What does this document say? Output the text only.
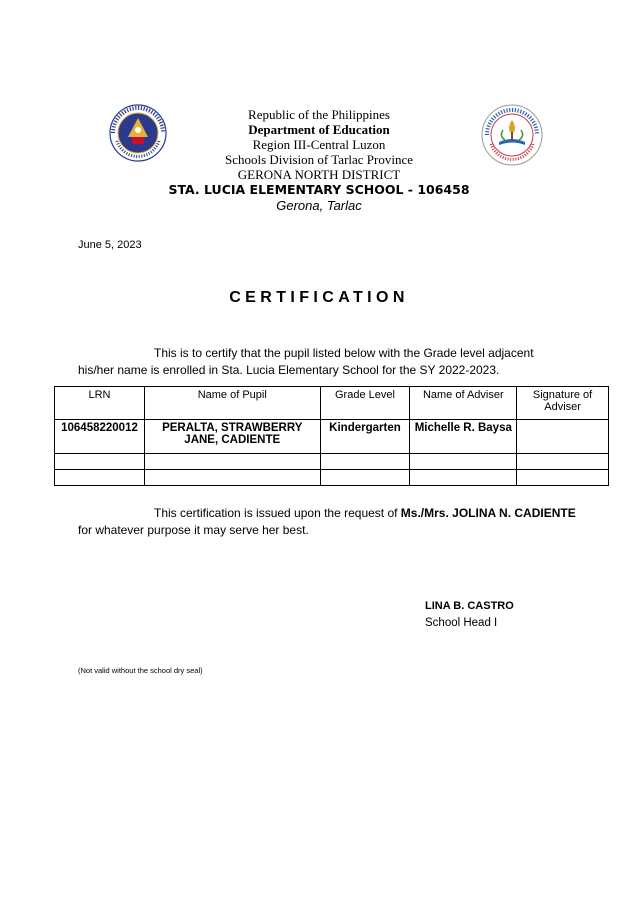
Republic of the Philippines
Department of Education
Region III-Central Luzon
Schools Division of Tarlac Province
GERONA NORTH DISTRICT
STA. LUCIA ELEMENTARY SCHOOL - 106458
Gerona, Tarlac
June 5, 2023
CERTIFICATION
This is to certify that the pupil listed below with the Grade level adjacent
his/her name is enrolled in Sta. Lucia Elementary School for the SY 2022-2023.
LRN	Name of Pupil	Grade Level	Name of Adviser	Signature of Adviser
106458220012	PERALTA, STRAWBERRY JANE, CADIENTE	Kindergarten	Michelle R. Baysa	

This certification is issued upon the request of Ms./Mrs. JOLINA N. CADIENTE
for whatever purpose it may serve her best.
LINA B. CASTRO
School Head I
(Not valid without the school dry seal)
